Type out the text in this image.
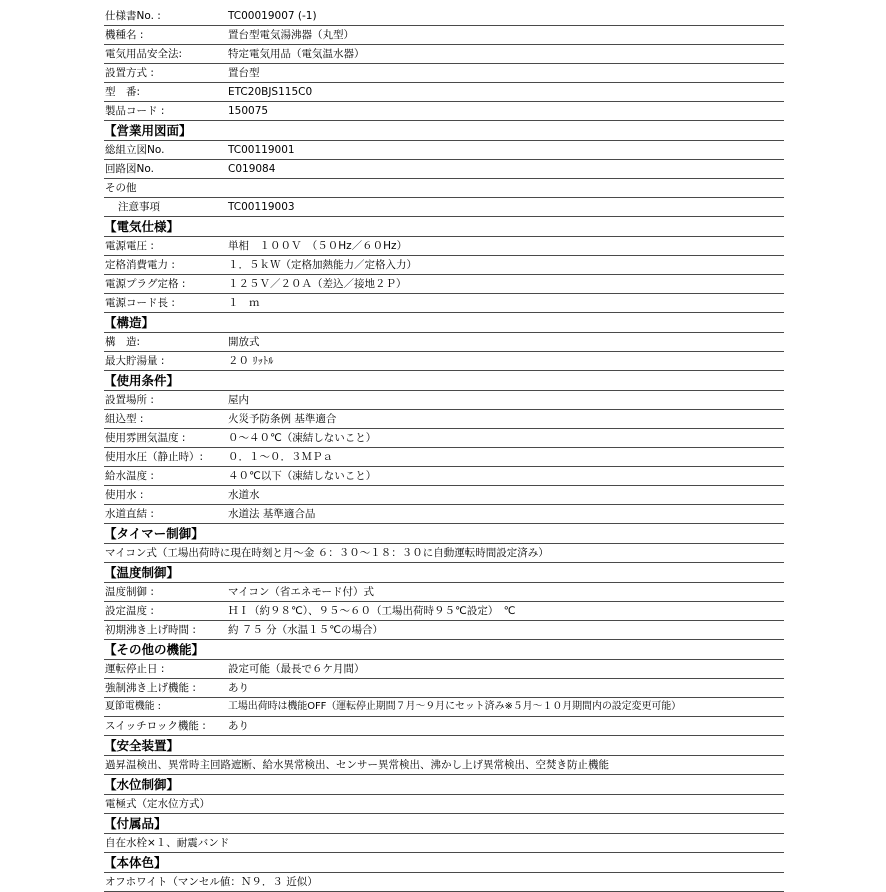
仕様書No. :	TC00019007 (-1)
機種名 :	置台型電気湯沸器（丸型）
電気用品安全法:	特定電気用品（電気温水器）
設置方式 :	置台型
型　番:	ETC20BJS115C0
製品コード :	150075
【営業用図面】
総組立図No.	TC00119001
回路図No.	C019084
その他
注意事項	TC00119003
【電気仕様】
電源電圧 :	単相　１００Ｖ　（５０Hz／６０Hz）
定格消費電力 :	１．５ｋＷ（定格加熱能力／定格入力）
電源プラグ定格 :	１２５Ｖ／２０Ａ（差込／接地２Ｐ）
電源コード長 :	１　ｍ
【構造】
構　造:	開放式
最大貯湯量 :	２０ ﾘｯﾄﾙ
【使用条件】
設置場所 :	屋内
組込型 :	火災予防条例 基準適合
使用雰囲気温度 :	０～４０℃（凍結しないこと）
使用水圧（静止時）: ０．１～０．３ＭＰａ
給水温度 :	４０℃以下（凍結しないこと）
使用水 :	水道水
水道直結 :	水道法 基準適合品
【タイマー制御】
マイコン式（工場出荷時に現在時刻と月～金 ６：３０～１８：３０に自動運転時間設定済み）
【温度制御】
温度制御 :	マイコン（省エネモード付）式
設定温度 :	ＨＩ（約９８℃）、９５～６０（工場出荷時９５℃設定）　℃
初期沸き上げ時間 :	約 ７５ 分（水温１５℃の場合）
【その他の機能】
運転停止日 :	設定可能（最長で６ケ月間）
強制沸き上げ機能 :	あり
夏節電機能 :	工場出荷時は機能OFF（運転停止期間７月～９月にセット済み※５月～１０月期間内の設定変更可能）
スイッチロック機能 : あり
【安全装置】
過昇温検出、異常時主回路遮断、給水異常検出、センサー異常検出、沸かし上げ異常検出、空焚き防止機能
【水位制御】
電極式（定水位方式）
【付属品】
自在水栓×１、耐震バンド
【本体色】
オフホワイト（マンセル値：Ｎ９．３ 近似）
